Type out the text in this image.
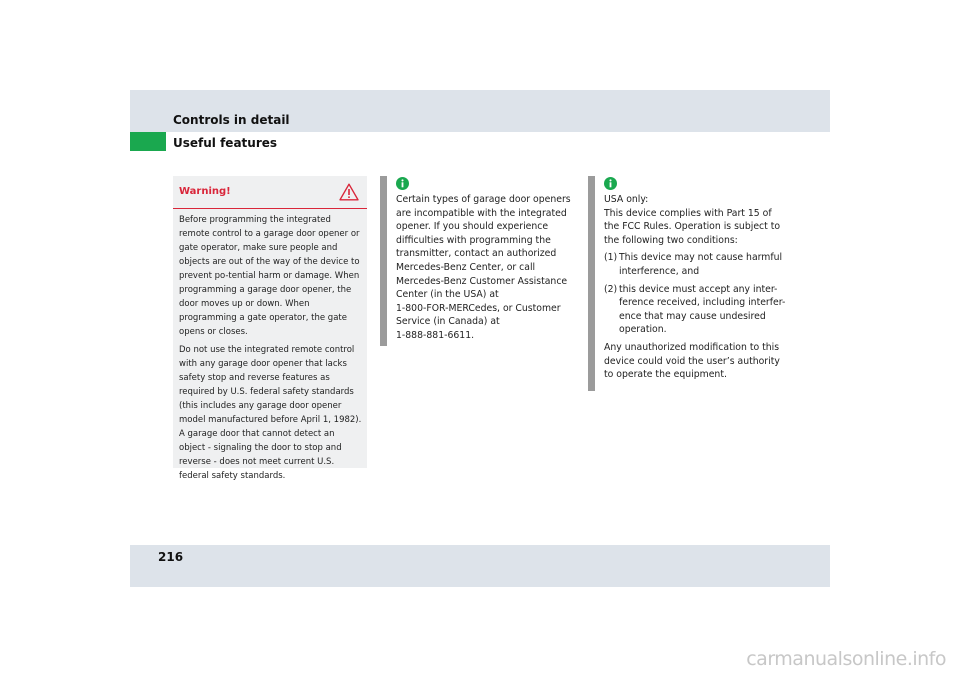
Controls in detail
Useful features
Warning!

Before programming the integrated remote control to a garage door opener or gate operator, make sure people and objects are out of the way of the device to prevent po-tential harm or damage. When programming a garage door opener, the door moves up or down. When programming a gate operator, the gate opens or closes.

Do not use the integrated remote control with any garage door opener that lacks safety stop and reverse features as required by U.S. federal safety standards (this includes any garage door opener model manufactured before April 1, 1982).

A garage door that cannot detect an object - signaling the door to stop and reverse - does not meet current U.S. federal safety standards.

Certain types of garage door openers

are incompatible with the integrated

opener. If you should experience

difficulties with programming the

transmitter, contact an authorized

Mercedes-Benz Center, or call

Mercedes-Benz Customer Assistance

Center (in the USA) at

1-800-FOR-MERCedes, or Customer

Service (in Canada) at

1-888-881-6611.

USA only:

This device complies with Part 15 of

the FCC Rules. Operation is subject to

the following two conditions:

(1) This device may not cause harmful

interference, and

(2) this device must accept any inter-

ference received, including interfer-

ence that may cause undesired

operation.

Any unauthorized modification to this

device could void the user’s authority

to operate the equipment.

216
carmanualsonline.info
